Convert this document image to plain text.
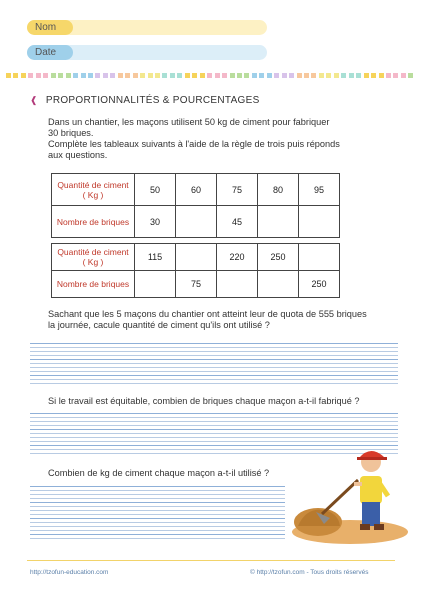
Nom
Date
❰ PROPORTIONNALITÉS & POURCENTAGES
Dans un chantier, les maçons utilisent 50 kg de ciment pour fabriquer
30 briques.
Complète les tableaux suivants à l'aide de la règle de trois puis réponds
aux questions.
Quantité de ciment
( Kg )	50	60	75	80	95

Nombre de briques	30		45		
Quantité de ciment
( Kg )	115		220	250	

Nombre de briques		75			250
Sachant que les 5 maçons du chantier ont atteint leur de quota de 555 briques
la journée, cacule quantité de ciment qu'ils ont utilisé ?
Si le travail est équitable, combien de briques chaque maçon a-t-il fabriqué ?
Combien de kg de ciment chaque maçon a-t-il utilisé ?
http://tzofun-education.com	© http://tzofun.com - Tous droits réservés
